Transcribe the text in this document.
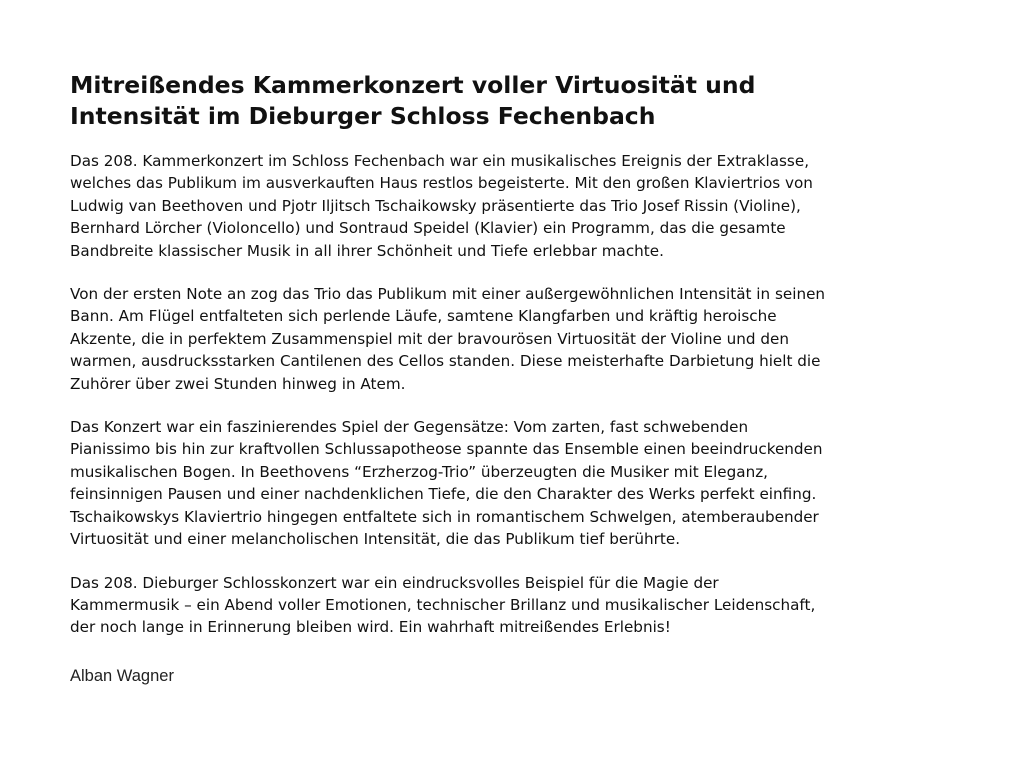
Mitreißendes Kammerkonzert voller Virtuosität und
Intensität im Dieburger Schloss Fechenbach

Das 208. Kammerkonzert im Schloss Fechenbach war ein musikalisches Ereignis der Extraklasse,
welches das Publikum im ausverkauften Haus restlos begeisterte. Mit den großen Klaviertrios von
Ludwig van Beethoven und Pjotr Iljitsch Tschaikowsky präsentierte das Trio Josef Rissin (Violine),
Bernhard Lörcher (Violoncello) und Sontraud Speidel (Klavier) ein Programm, das die gesamte
Bandbreite klassischer Musik in all ihrer Schönheit und Tiefe erlebbar machte.

Von der ersten Note an zog das Trio das Publikum mit einer außergewöhnlichen Intensität in seinen
Bann. Am Flügel entfalteten sich perlende Läufe, samtene Klangfarben und kräftig heroische
Akzente, die in perfektem Zusammenspiel mit der bravourösen Virtuosität der Violine und den
warmen, ausdrucksstarken Cantilenen des Cellos standen. Diese meisterhafte Darbietung hielt die
Zuhörer über zwei Stunden hinweg in Atem.

Das Konzert war ein faszinierendes Spiel der Gegensätze: Vom zarten, fast schwebenden
Pianissimo bis hin zur kraftvollen Schlussapotheose spannte das Ensemble einen beeindruckenden
musikalischen Bogen. In Beethovens “Erzherzog-Trio” überzeugten die Musiker mit Eleganz,
feinsinnigen Pausen und einer nachdenklichen Tiefe, die den Charakter des Werks perfekt einfing.
Tschaikowskys Klaviertrio hingegen entfaltete sich in romantischem Schwelgen, atemberaubender
Virtuosität und einer melancholischen Intensität, die das Publikum tief berührte.

Das 208. Dieburger Schlosskonzert war ein eindrucksvolles Beispiel für die Magie der
Kammermusik – ein Abend voller Emotionen, technischer Brillanz und musikalischer Leidenschaft,
der noch lange in Erinnerung bleiben wird. Ein wahrhaft mitreißendes Erlebnis!

Alban Wagner
